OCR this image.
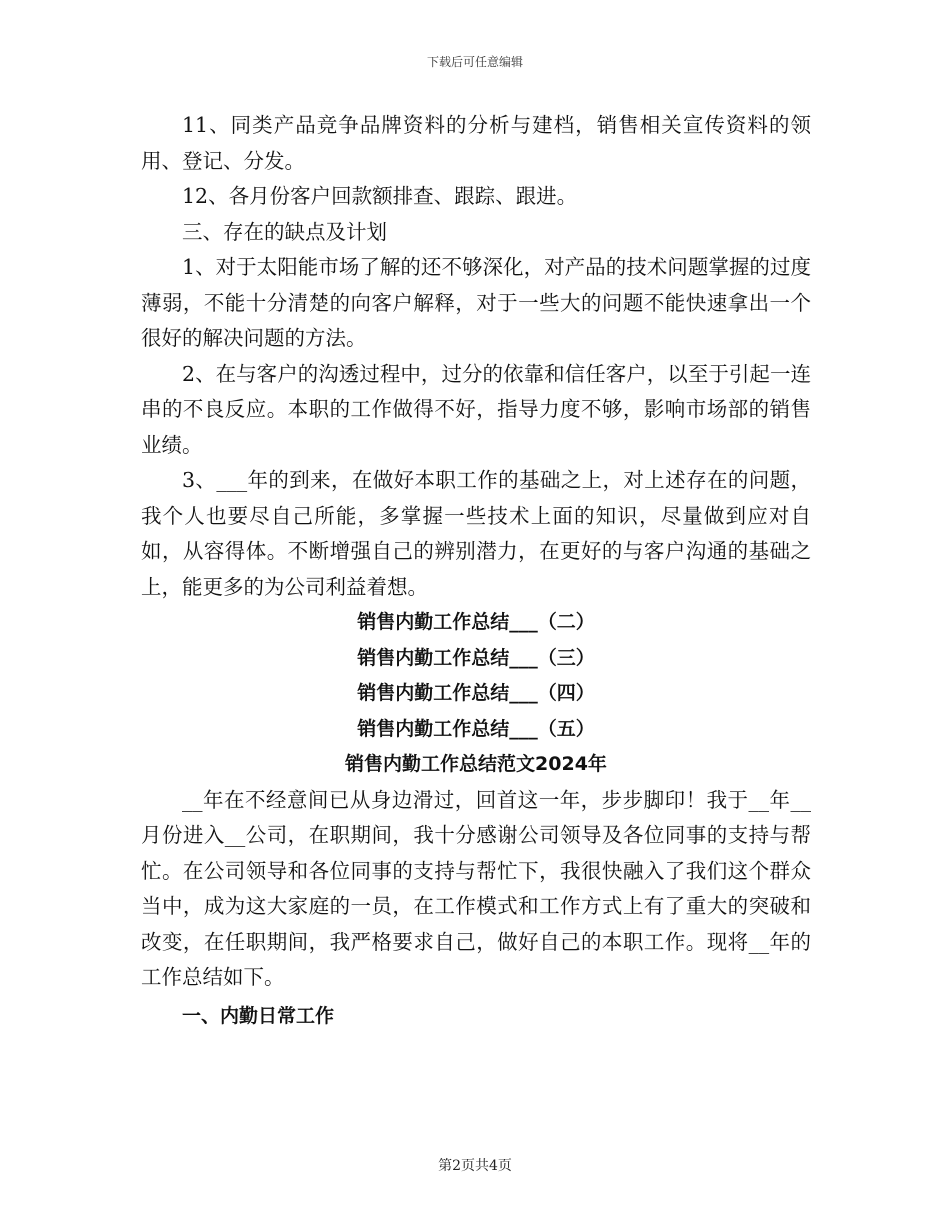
下载后可任意编辑

11、同类产品竞争品牌资料的分析与建档，销售相关宣传资料的领用、登记、分发。

12、各月份客户回款额排查、跟踪、跟进。

三、存在的缺点及计划

1、对于太阳能市场了解的还不够深化，对产品的技术问题掌握的过度薄弱，不能十分清楚的向客户解释，对于一些大的问题不能快速拿出一个很好的解决问题的方法。

2、在与客户的沟透过程中，过分的依靠和信任客户，以至于引起一连串的不良反应。本职的工作做得不好，指导力度不够，影响市场部的销售业绩。

3、___年的到来，在做好本职工作的基础之上，对上述存在的问题，我个人也要尽自己所能，多掌握一些技术上面的知识，尽量做到应对自如，从容得体。不断增强自己的辨别潜力，在更好的与客户沟通的基础之上，能更多的为公司利益着想。

销售内勤工作总结___（二）

销售内勤工作总结___（三）

销售内勤工作总结___（四）

销售内勤工作总结___（五）

销售内勤工作总结范文2024年

__年在不经意间已从身边滑过，回首这一年，步步脚印！我于__年__月份进入__公司，在职期间，我十分感谢公司领导及各位同事的支持与帮忙。在公司领导和各位同事的支持与帮忙下，我很快融入了我们这个群众当中，成为这大家庭的一员，在工作模式和工作方式上有了重大的突破和改变，在任职期间，我严格要求自己，做好自己的本职工作。现将__年的工作总结如下。

一、内勤日常工作

第2页共4页
